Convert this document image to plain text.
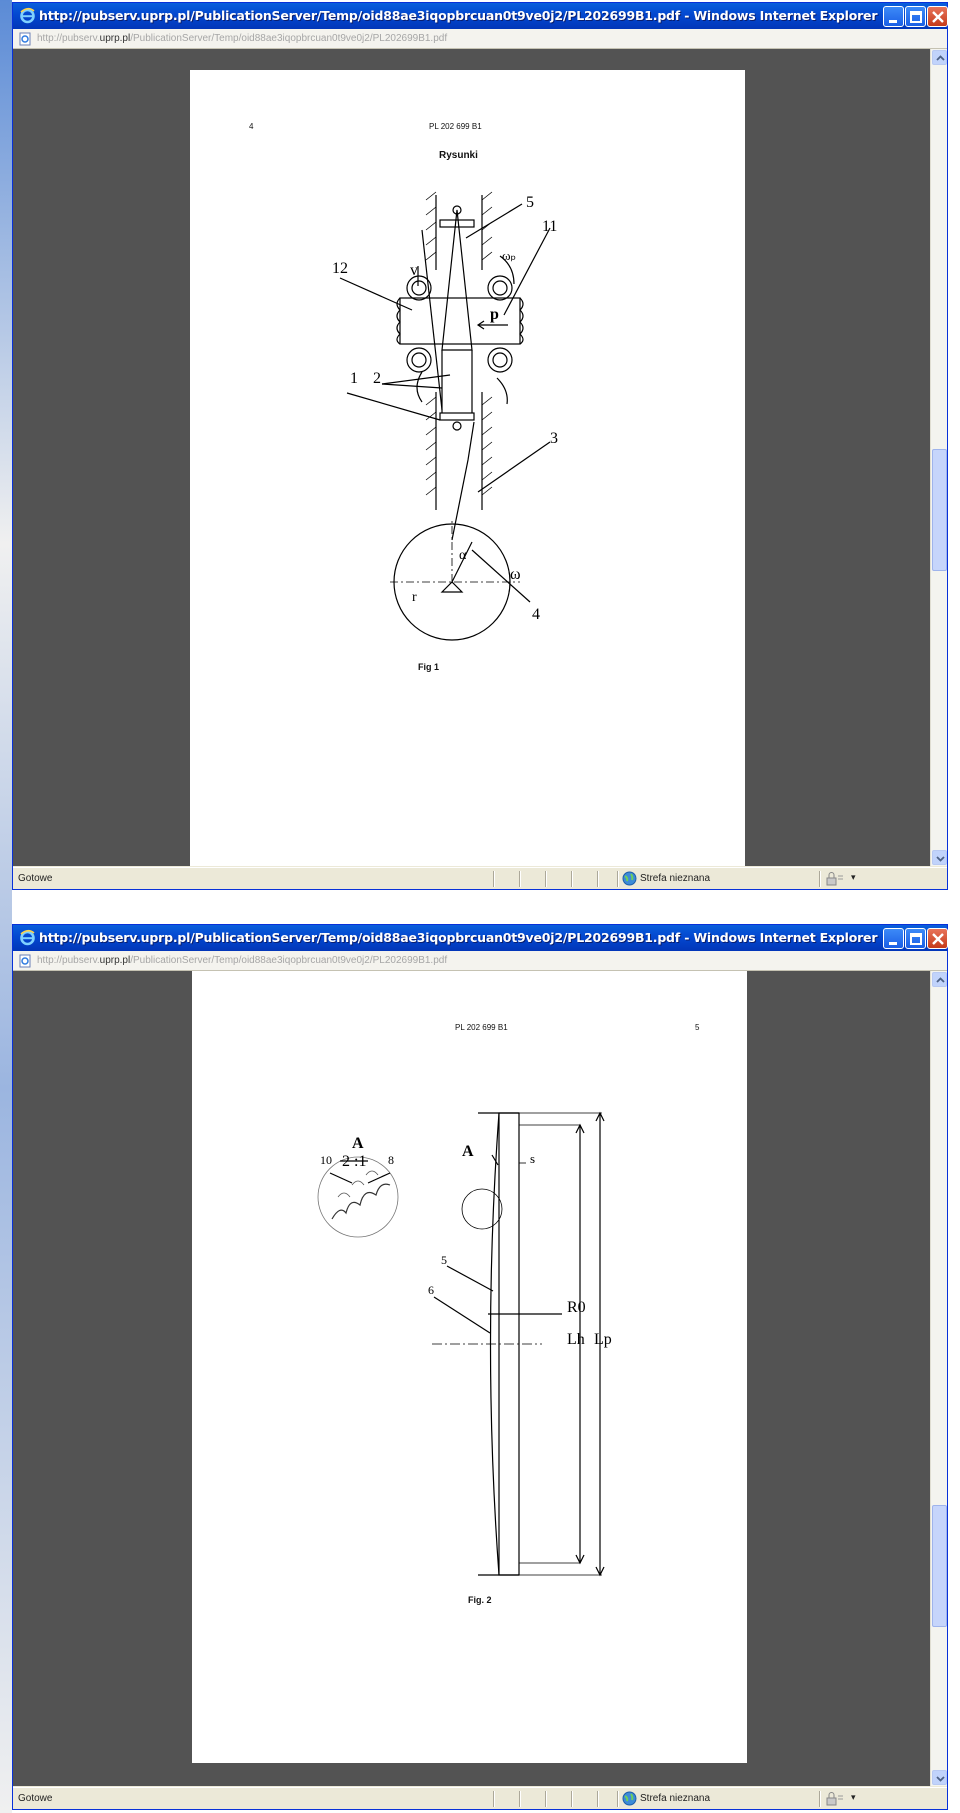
http://pubserv.uprp.pl/PublicationServer/Temp/oid88ae3iqopbrcuan0t9ve0j2/PL202699B1.pdf - Windows Internet Explorer
http://pubserv.uprp.pl/PublicationServer/Temp/oid88ae3iqopbrcuan0t9ve0j2/PL202699B1.pdf
4	PL 202 699 B1
Rysunki
12
5
11
v
ωₚ
p
2
1
3
α
ω
r
4
Fig 1
Gotowe	Strefa nieznana	▾
http://pubserv.uprp.pl/PublicationServer/Temp/oid88ae3iqopbrcuan0t9ve0j2/PL202699B1.pdf - Windows Internet Explorer
http://pubserv.uprp.pl/PublicationServer/Temp/oid88ae3iqopbrcuan0t9ve0j2/PL202699B1.pdf
PL 202 699 B1	5
A
2 :1
10	8	A	s
5
6
R0
Lh Lp
Fig. 2
Gotowe	Strefa nieznana	▾
